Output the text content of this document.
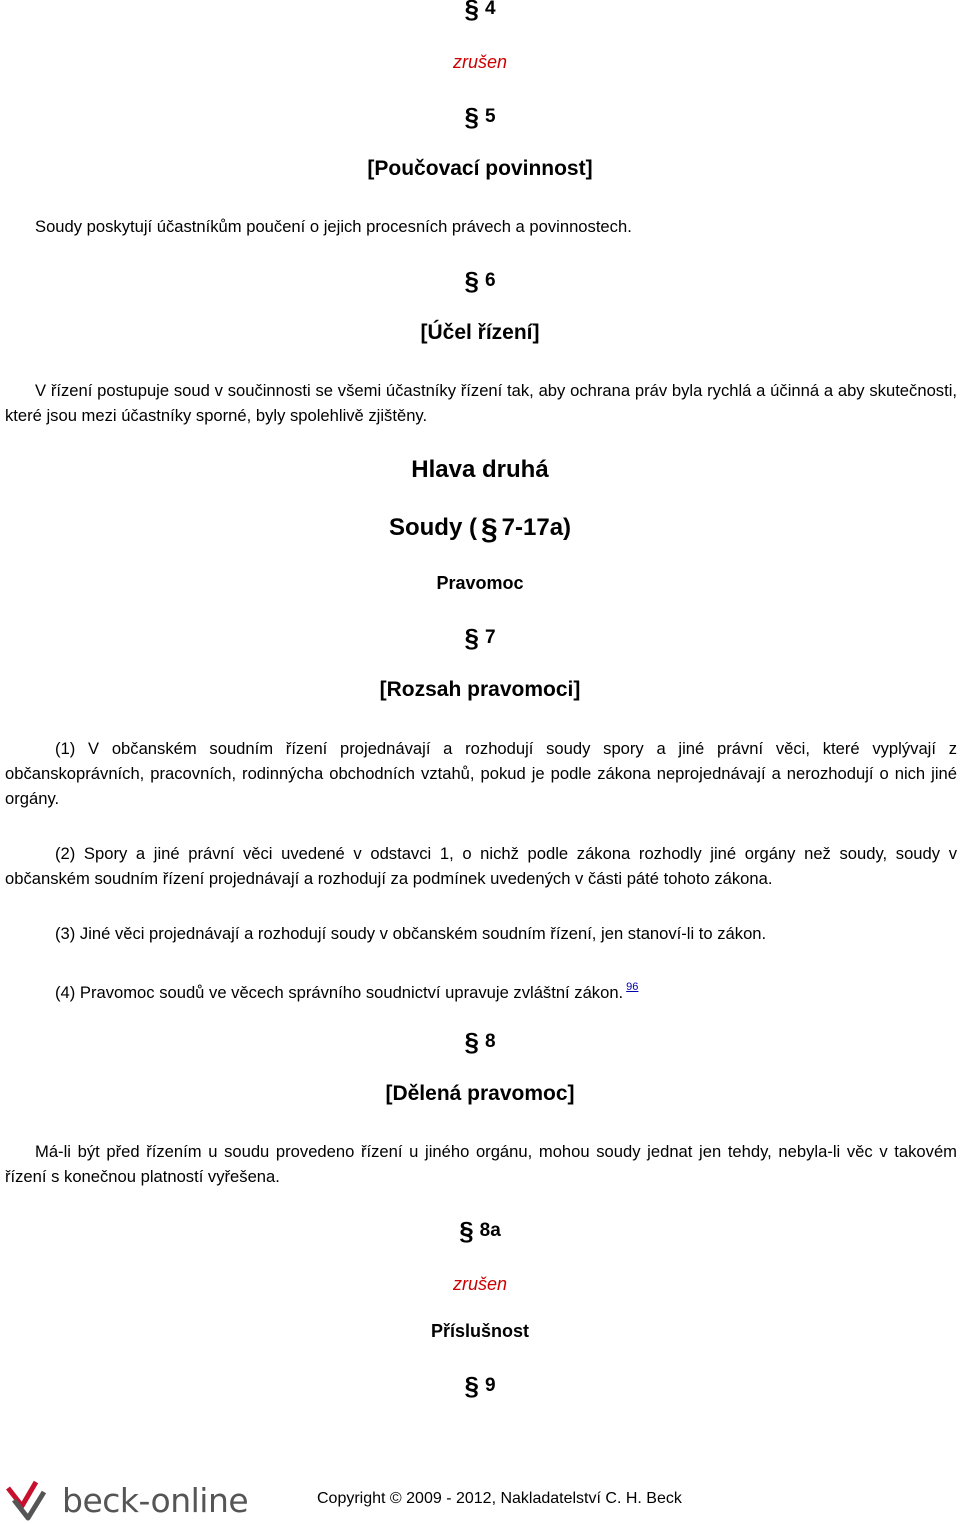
§ 4
zrušen
§ 5
[Poučovací povinnost]
Soudy poskytují účastníkům poučení o jejich procesních právech a povinnostech.
§ 6
[Účel řízení]
V řízení postupuje soud v součinnosti se všemi účastníky řízení tak, aby ochrana práv byla rychlá a účinná a aby skutečnosti, které jsou mezi účastníky sporné, byly spolehlivě zjištěny.
Hlava druhá
Soudy ( § 7-17a)
Pravomoc
§ 7
[Rozsah pravomoci]
(1) V občanském soudním řízení projednávají a rozhodují soudy spory a jiné právní věci, které vyplývají z občanskoprávních, pracovních, rodinnýcha obchodních vztahů, pokud je podle zákona neprojednávají a nerozhodují o nich jiné orgány.
(2) Spory a jiné právní věci uvedené v odstavci 1, o nichž podle zákona rozhodly jiné orgány než soudy, soudy v občanském soudním řízení projednávají a rozhodují za podmínek uvedených v části páté tohoto zákona.
(3) Jiné věci projednávají a rozhodují soudy v občanském soudním řízení, jen stanoví-li to zákon.
(4) Pravomoc soudů ve věcech správního soudnictví upravuje zvláštní zákon. $^{96}$
§ 8
[Dělená pravomoc]
Má-li být před řízením u soudu provedeno řízení u jiného orgánu, mohou soudy jednat jen tehdy, nebyla-li věc v takovém řízení s konečnou platností vyřešena.
§ 8a
zrušen
Příslušnost
§ 9
beck-online	Copyright © 2009 - 2012, Nakladatelství C. H. Beck
